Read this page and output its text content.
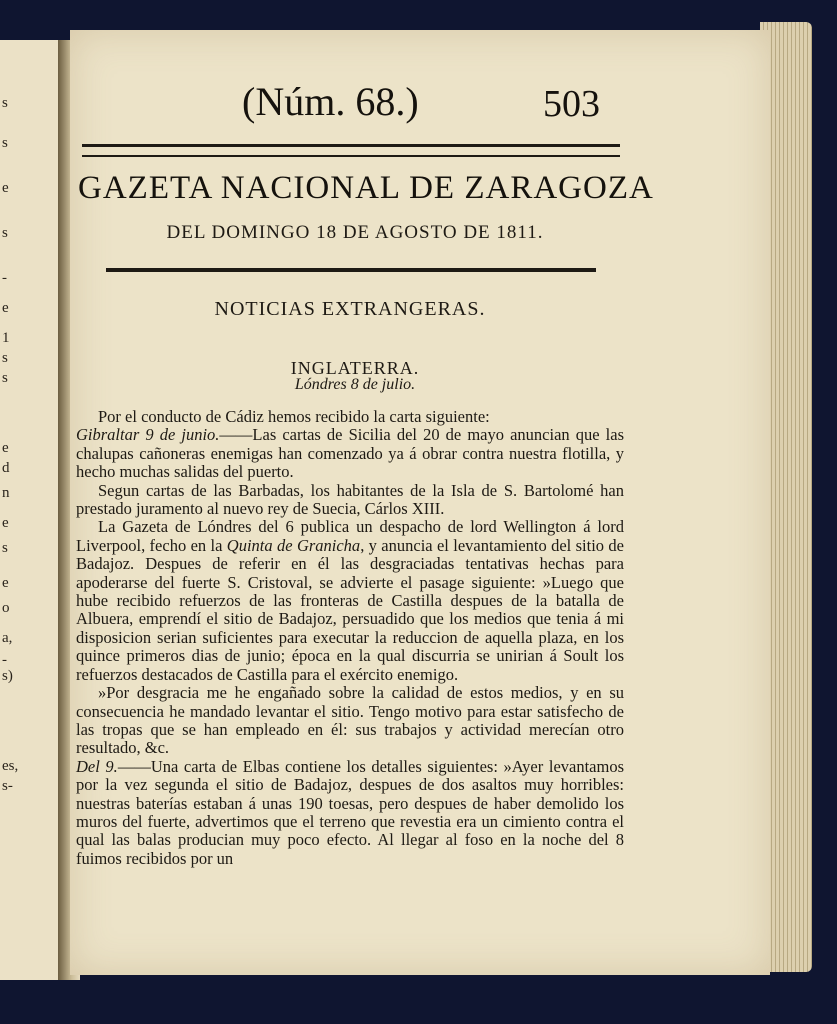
s
s
e
s
-
e
1
s
s
e
d
n
e
s
e
o
a,
-
s)
es,
s-
(Núm. 68.)	503
GAZETA NACIONAL DE ZARAGOZA
DEL DOMINGO 18 DE AGOSTO DE 1811.
NOTICIAS EXTRANGERAS.
INGLATERRA.
Lóndres 8 de julio.

Por el conducto de Cádiz hemos recibido la carta siguiente:

Gibraltar 9 de junio.——Las cartas de Sicilia del 20 de mayo anuncian que las chalupas cañoneras enemigas han comenzado ya á obrar contra nuestra flotilla, y hecho muchas salidas del puerto.

Segun cartas de las Barbadas, los habitantes de la Isla de S. Bartolomé han prestado juramento al nuevo rey de Suecia, Cárlos XIII.

La Gazeta de Lóndres del 6 publica un despacho de lord Wellington á lord Liverpool, fecho en la Quinta de Granicha, y anuncia el levantamiento del sitio de Badajoz. Despues de referir en él las desgraciadas tentativas hechas para apoderarse del fuerte S. Cristoval, se advierte el pasage siguiente: »Luego que hube recibido refuerzos de las fronteras de Castilla despues de la batalla de Albuera, emprendí el sitio de Badajoz, persuadido que los medios que tenia á mi disposicion serian suficientes para executar la reduccion de aquella plaza, en los quince primeros dias de junio; época en la qual discurria se unirian á Soult los refuerzos destacados de Castilla para el exército enemigo.

»Por desgracia me he engañado sobre la calidad de estos medios, y en su consecuencia he mandado levantar el sitio. Tengo motivo para estar satisfecho de las tropas que se han empleado en él: sus trabajos y actividad merecían otro resultado, &c.

Del 9.——Una carta de Elbas contiene los detalles siguientes: »Ayer levantamos por la vez segunda el sitio de Badajoz, despues de dos asaltos muy horribles: nuestras baterías estaban á unas 190 toesas, pero despues de haber demolido los muros del fuerte, advertimos que el terreno que revestia era un cimiento contra el qual las balas producian muy poco efecto. Al llegar al foso en la noche del 8 fuimos recibidos por un
